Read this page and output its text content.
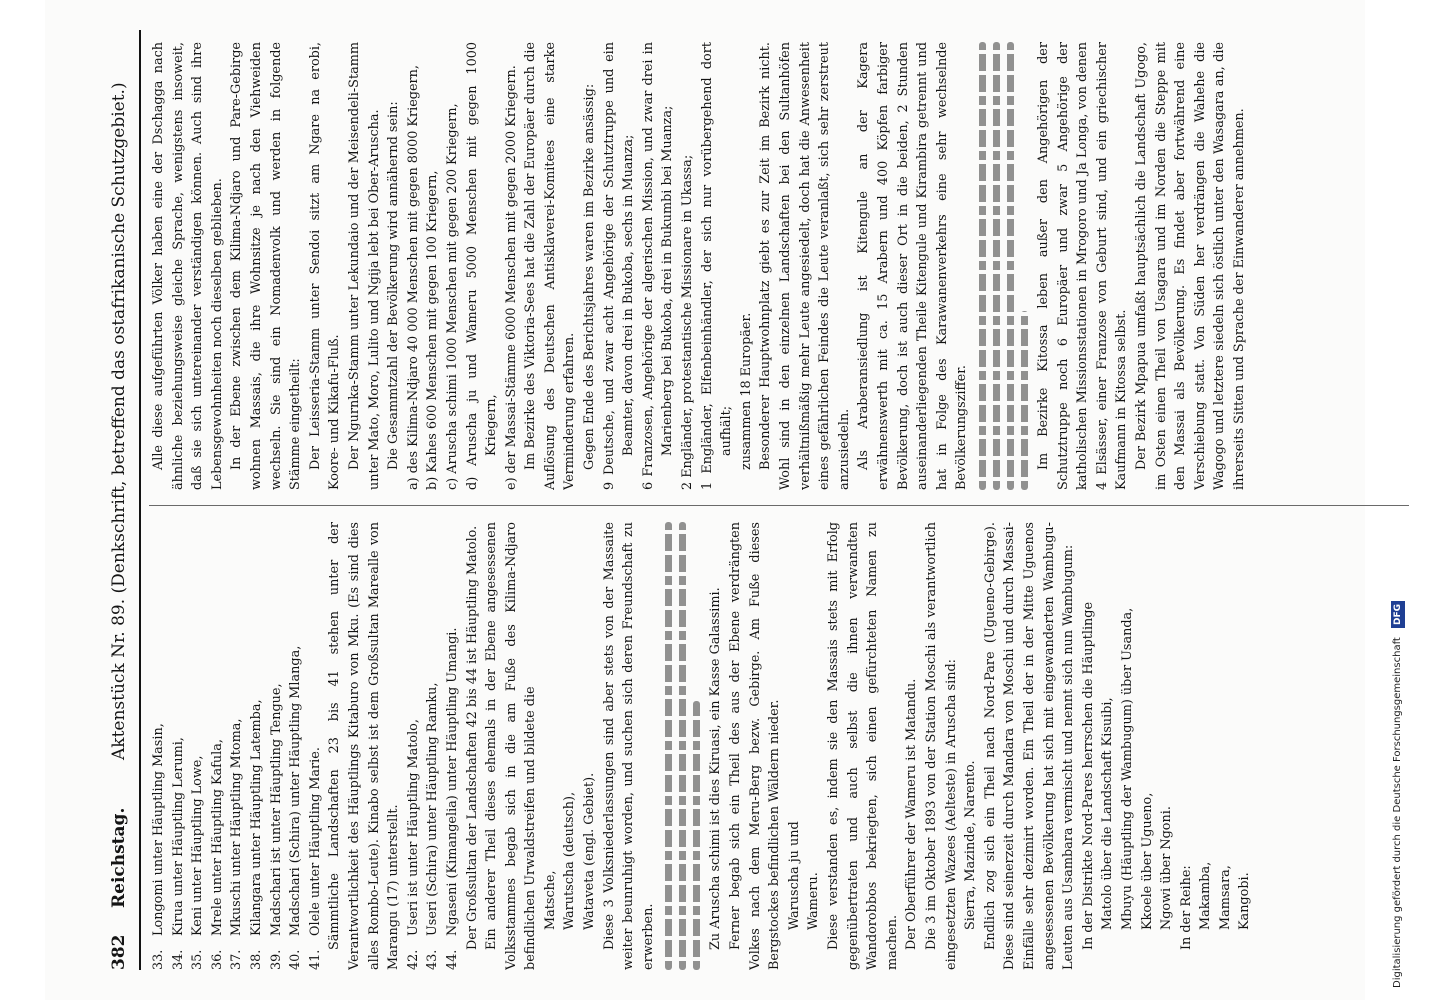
382
Reichstag.
Aktenstück Nr. 89. (Denkschrift, betreffend das ostafrikanische Schutzgebiet.)

33.Longomi unter Häuptling Masin,

34.Kirua unter Häuptling Lerumi,

35.Keni unter Häuptling Lowe,

36.Mrele unter Häuptling Kafula,

37.Mkuschi unter Häuptling Mtoma,

38.Kilangara unter Häuptling Latemba,

39.Madschari ist unter Häuptling Tengue,

40.Madschari (Schira) unter Häuptling Mlanga,

41.Olele unter Häuptling Marie. Sämmtliche Landschaften 23 bis 41 stehen unter der Verantwortlichkeit des Häuptlings Kitaburo von Mku. (Es sind dies alles Rombo-Leute). Kinabo selbst ist dem Großsultan Marealle von Marangu (17) unterstellt. 42.Useri ist unter Häuptling Matolo,

43.Useri (Schira) unter Häuptling Ramku,

44.Ngaseni (Kimangelia) unter Häuptling Umangi. Der Großsultan der Landschaften 42 bis 44 ist Häuptling Matolo. Ein anderer Theil dieses ehemals in der Ebene angesessenen Volksstammes begab sich in die am Fuße des Kilima-Ndjaro befindlichen Urwaldstreifen und bildete die Matsche, Warutscha (deutsch), Wataveta (engl. Gebiet). Diese 3 Volksniederlassungen sind aber stets von der Massaite weiter beunruhigt worden, und suchen sich deren Freundschaft zu erwerben.	Zu Aruscha schimi ist dies Kiruasi, ein Kasse Galassimi. Ferner begab sich ein Theil des aus der Ebene verdrängten Volkes nach dem Meru-Berg bezw. Gebirge. Am Fuße dieses Bergstockes befindlichen Wäldern nieder. Waruscha ju und Wameru. Diese verstanden es, indem sie den Massais stets mit Erfolg gegenübertraten und auch selbst die ihnen verwandten Wandorobbos bekriegten, sich einen gefürchteten Namen zu machen. Der Oberführer der Wameru ist Matandu. Die 3 im Oktober 1893 von der Station Moschi als verantwortlich eingesetzten Wazees (Aelteste) in Aruscha sind: Sierra, Mazinde, Narento. Endlich zog sich ein Theil nach Nord-Pare (Ugueno-Gebirge). Diese sind seinerzeit durch Mandara von Moschi und durch Massai-Einfälle sehr dezimirt worden. Ein Theil der in der Mitte Uguenos angesessenen Bevölkerung hat sich mit eingewanderten Wambugu-Leuten aus Usambara vermischt und nennt sich nun Wambugum: In der Distrikte Nord-Pares herrschen die Häuptlinge Matolo über die Landschaft Kisuibi, Mbuyu (Häuptling der Wambugum) über Usanda, Kkoele über Ugueno, Ngowi über Ngoni. In der Reihe: Makamba, Mamsara, Kangobi.

Alle diese aufgeführten Völker haben eine der Dschagga nach ähnliche beziehungsweise gleiche Sprache, wenigstens insoweit, daß sie sich untereinander verständigen können. Auch sind ihre Lebensgewohnheiten noch dieselben geblieben. In der Ebene zwischen dem Kilima-Ndjaro und Pare-Gebirge wohnen Massais, die ihre Wohnsitze je nach den Viehweiden wechseln. Sie sind ein Nomadenvolk und werden in folgende Stämme eingetheilt: Der Leisseria-Stamm unter Sendoi sitzt am Ngare na erobi, Koore- und Kikafu-Fluß. Der Ngurnka-Stamm unter Lekundaio und der Meisendeli-Stamm unter Mato, Moro, Lulito und Ngija lebt bei Ober-Aruscha. Die Gesammtzahl der Bevölkerung wird annähernd sein: a) des Kilima-Ndjaro 40 000 Menschen mit gegen 8000 Kriegern, b) Kahes 600 Menschen mit gegen 100 Kriegern, c) Aruscha schimi 1000 Menschen mit gegen 200 Kriegern, d) Aruscha ju und Wameru 5000 Menschen mit gegen 1000 Kriegern, e) der Massai-Stämme 6000 Menschen mit gegen 2000 Kriegern. Im Bezirke des Viktoria-Sees hat die Zahl der Europäer durch die Auflösung des Deutschen Antisklaverei-Komitees eine starke Verminderung erfahren. Gegen Ende des Berichtsjahres waren im Bezirke ansässig: 9 Deutsche, und zwar acht Angehörige der Schutztruppe und ein Beamter, davon drei in Bukoba, sechs in Muanza; 6 Franzosen, Angehörige der algerischen Mission, und zwar drei in Marienberg bei Bukoba, drei in Bukumbi bei Muanza; 2 Engländer, protestantische Missionare in Ukassa; 1 Engländer, Elfenbeinhändler, der sich nur vorübergehend dort aufhält; zusammen 18 Europäer. Besonderer Hauptwohnplatz giebt es zur Zeit im Bezirk nicht. Wohl sind in den einzelnen Landschaften bei den Sultanhöfen verhältnißmäßig mehr Leute angesiedelt, doch hat die Anwesenheit eines gefährlichen Feindes die Leute veranlaßt, sich sehr zerstreut anzusiedeln. Als Araberansiedlung ist Kitengule an der Kagera erwähnenswerth mit ca. 15 Arabern und 400 Köpfen farbiger Bevölkerung, doch ist auch dieser Ort in die beiden, 2 Stunden auseinanderliegenden Theile Kitengule und Kirambira getrennt und hat in Folge des Karawanenverkehrs eine sehr wechselnde Bevölkerungsziffer.	Im Bezirke Kitossa leben außer den Angehörigen der Schutztruppe noch 6 Europäer und zwar 5 Angehörige der katholischen Missionsstationen in Mrogoro und Ja Longa, von denen 4 Elsässer, einer Franzose von Geburt sind, und ein griechischer Kaufmann in Kitossa selbst. Der Bezirk Mpapua umfaßt hauptsächlich die Landschaft Ugogo, im Osten einen Theil von Usagara und im Norden die Steppe mit den Massai als Bevölkerung. Es findet aber fortwährend eine Verschiebung statt. Von Süden her verdrängen die Wahehe die Wagogo und letztere siedeln sich östlich unter den Wasagara an, die ihrerseits Sitten und Sprache der Einwanderer annehmen.

Digitalisierung gefördert durch die Deutsche Forschungsgemeinschaft DFG
